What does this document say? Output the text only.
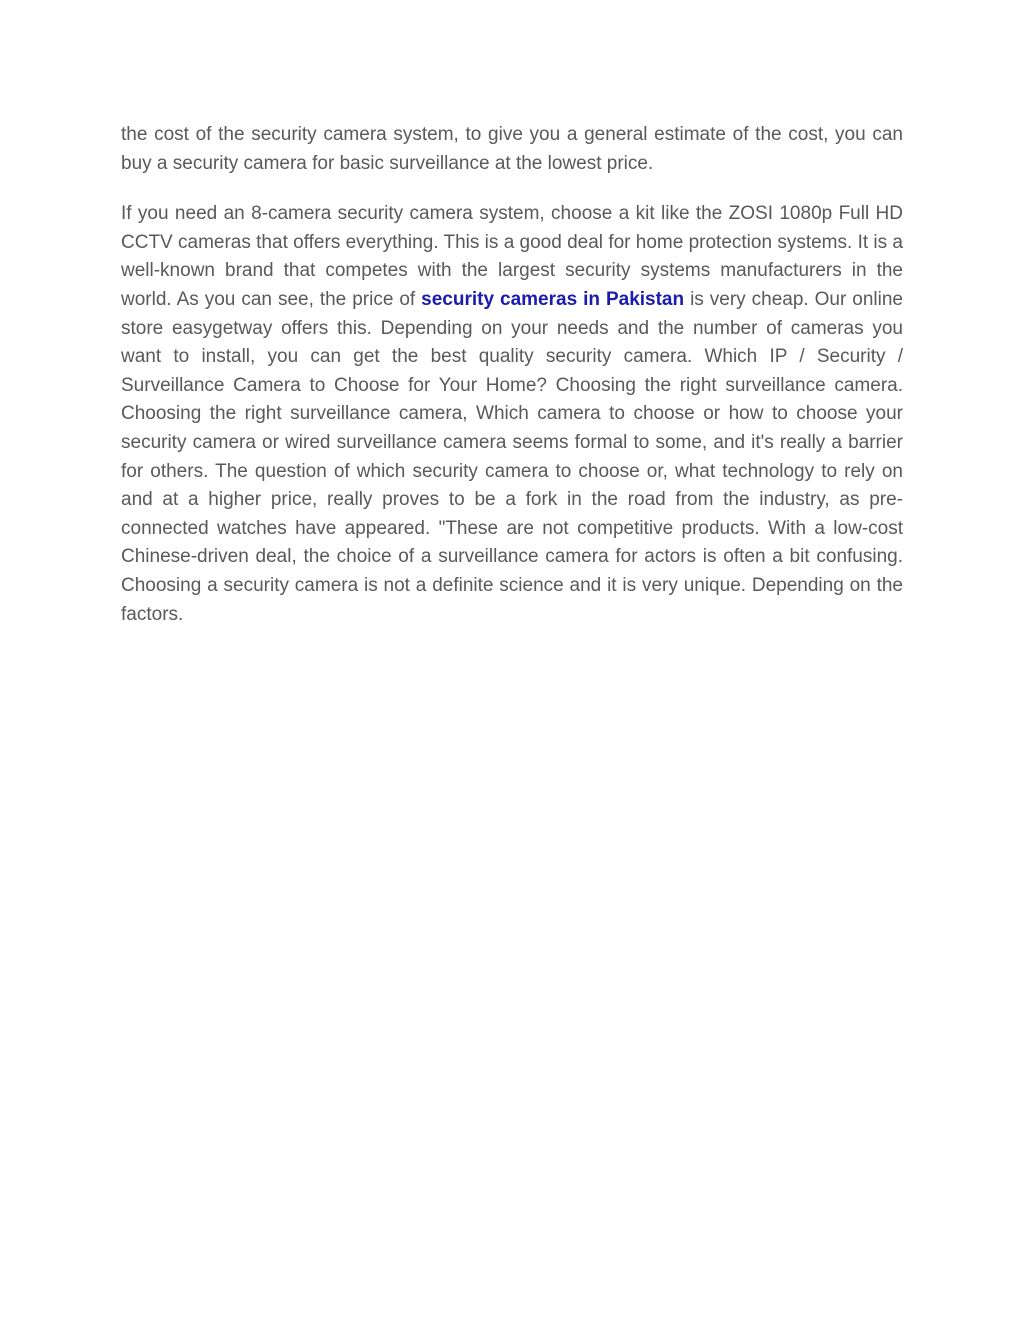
the cost of the security camera system, to give you a general estimate of the cost, you can buy a security camera for basic surveillance at the lowest price.

If you need an 8-camera security camera system, choose a kit like the ZOSI 1080p Full HD CCTV cameras that offers everything. This is a good deal for home protection systems. It is a well-known brand that competes with the largest security systems manufacturers in the world. As you can see, the price of security cameras in Pakistan is very cheap. Our online store easygetway offers this. Depending on your needs and the number of cameras you want to install, you can get the best quality security camera. Which IP / Security / Surveillance Camera to Choose for Your Home? Choosing the right surveillance camera. Choosing the right surveillance camera, Which camera to choose or how to choose your security camera or wired surveillance camera seems formal to some, and it's really a barrier for others. The question of which security camera to choose or, what technology to rely on and at a higher price, really proves to be a fork in the road from the industry, as pre-connected watches have appeared. "These are not competitive products. With a low-cost Chinese-driven deal, the choice of a surveillance camera for actors is often a bit confusing. Choosing a security camera is not a definite science and it is very unique. Depending on the factors.
